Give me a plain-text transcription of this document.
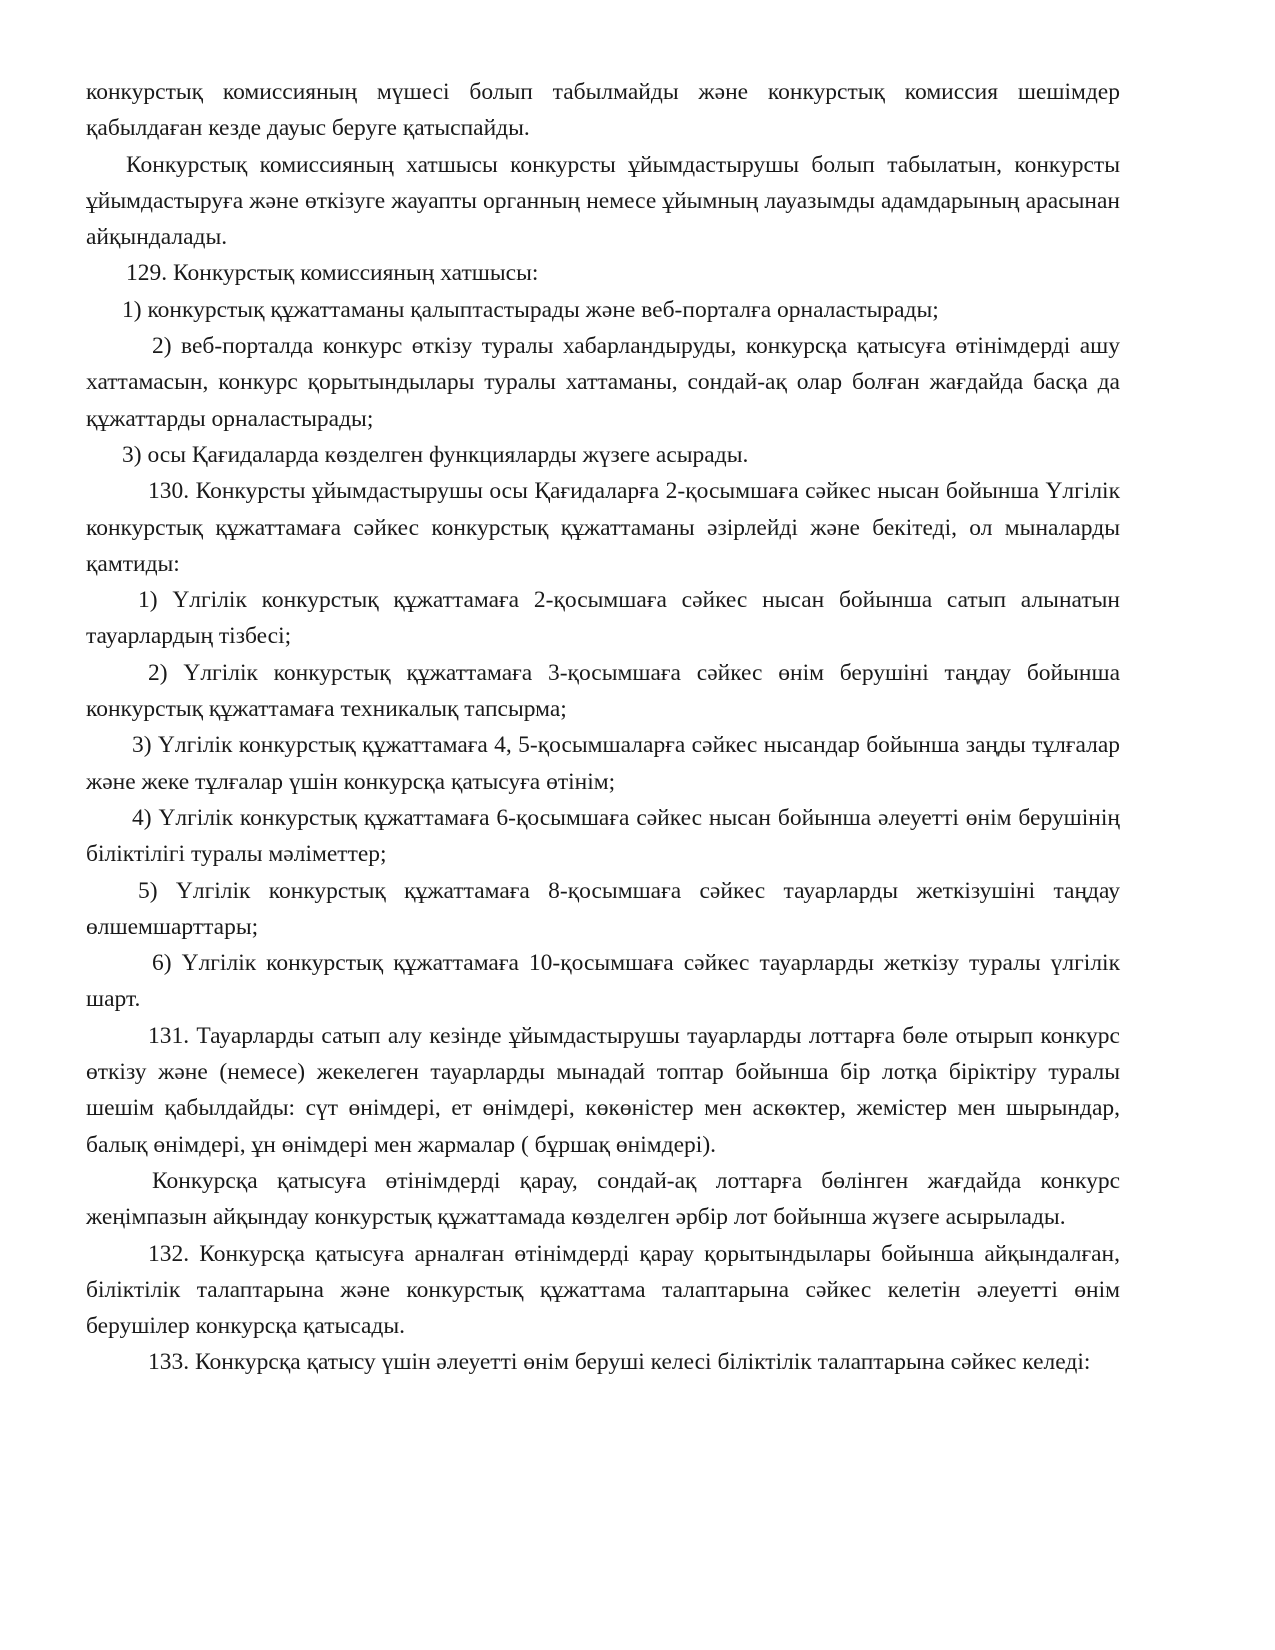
конкурстық комиссияның мүшесі болып табылмайды және конкурстық комиссия шешімдер қабылдаған кезде дауыс беруге қатыспайды.

Конкурстық комиссияның хатшысы конкурсты ұйымдастырушы болып табылатын, конкурсты ұйымдастыруға және өткізуге жауапты органның немесе ұйымның лауазымды адамдарының арасынан айқындалады.

129. Конкурстық комиссияның хатшысы:

1) конкурстық құжаттаманы қалыптастырады және веб-порталға орналастырады;

2) веб-порталда конкурс өткізу туралы хабарландыруды, конкурсқа қатысуға өтінімдерді ашу хаттамасын, конкурс қорытындылары туралы хаттаманы, сондай-ақ олар болған жағдайда басқа да құжаттарды орналастырады;

3) осы Қағидаларда көзделген функцияларды жүзеге асырады.

130. Конкурсты ұйымдастырушы осы Қағидаларға 2-қосымшаға сәйкес нысан бойынша Үлгілік конкурстық құжаттамаға сәйкес конкурстық құжаттаманы әзірлейді және бекітеді, ол мыналарды қамтиды:

1) Үлгілік конкурстық құжаттамаға 2-қосымшаға сәйкес нысан бойынша сатып алынатын тауарлардың тізбесі;

2) Үлгілік конкурстық құжаттамаға 3-қосымшаға сәйкес өнім берушіні таңдау бойынша конкурстық құжаттамаға техникалық тапсырма;

3) Үлгілік конкурстық құжаттамаға 4, 5-қосымшаларға сәйкес нысандар бойынша заңды тұлғалар және жеке тұлғалар үшін конкурсқа қатысуға өтінім;

4) Үлгілік конкурстық құжаттамаға 6-қосымшаға сәйкес нысан бойынша әлеуетті өнім берушінің біліктілігі туралы мәліметтер;

5) Үлгілік конкурстық құжаттамаға 8-қосымшаға сәйкес тауарларды жеткізушіні таңдау өлшемшарттары;

6) Үлгілік конкурстық құжаттамаға 10-қосымшаға сәйкес тауарларды жеткізу туралы үлгілік шарт.

131. Тауарларды сатып алу кезінде ұйымдастырушы тауарларды лоттарға бөле отырып конкурс өткізу және (немесе) жекелеген тауарларды мынадай топтар бойынша бір лотқа біріктіру туралы шешім қабылдайды: сүт өнімдері, ет өнімдері, көкөністер мен аскөктер, жемістер мен шырындар, балық өнімдері, ұн өнімдері мен жармалар ( бұршақ өнімдері).

Конкурсқа қатысуға өтінімдерді қарау, сондай-ақ лоттарға бөлінген жағдайда конкурс жеңімпазын айқындау конкурстық құжаттамада көзделген әрбір лот бойынша жүзеге асырылады.

132. Конкурсқа қатысуға арналған өтінімдерді қарау қорытындылары бойынша айқындалған, біліктілік талаптарына және конкурстық құжаттама талаптарына сәйкес келетін әлеуетті өнім берушілер конкурсқа қатысады.

133. Конкурсқа қатысу үшін әлеуетті өнім беруші келесі біліктілік талаптарына сәйкес келеді:
